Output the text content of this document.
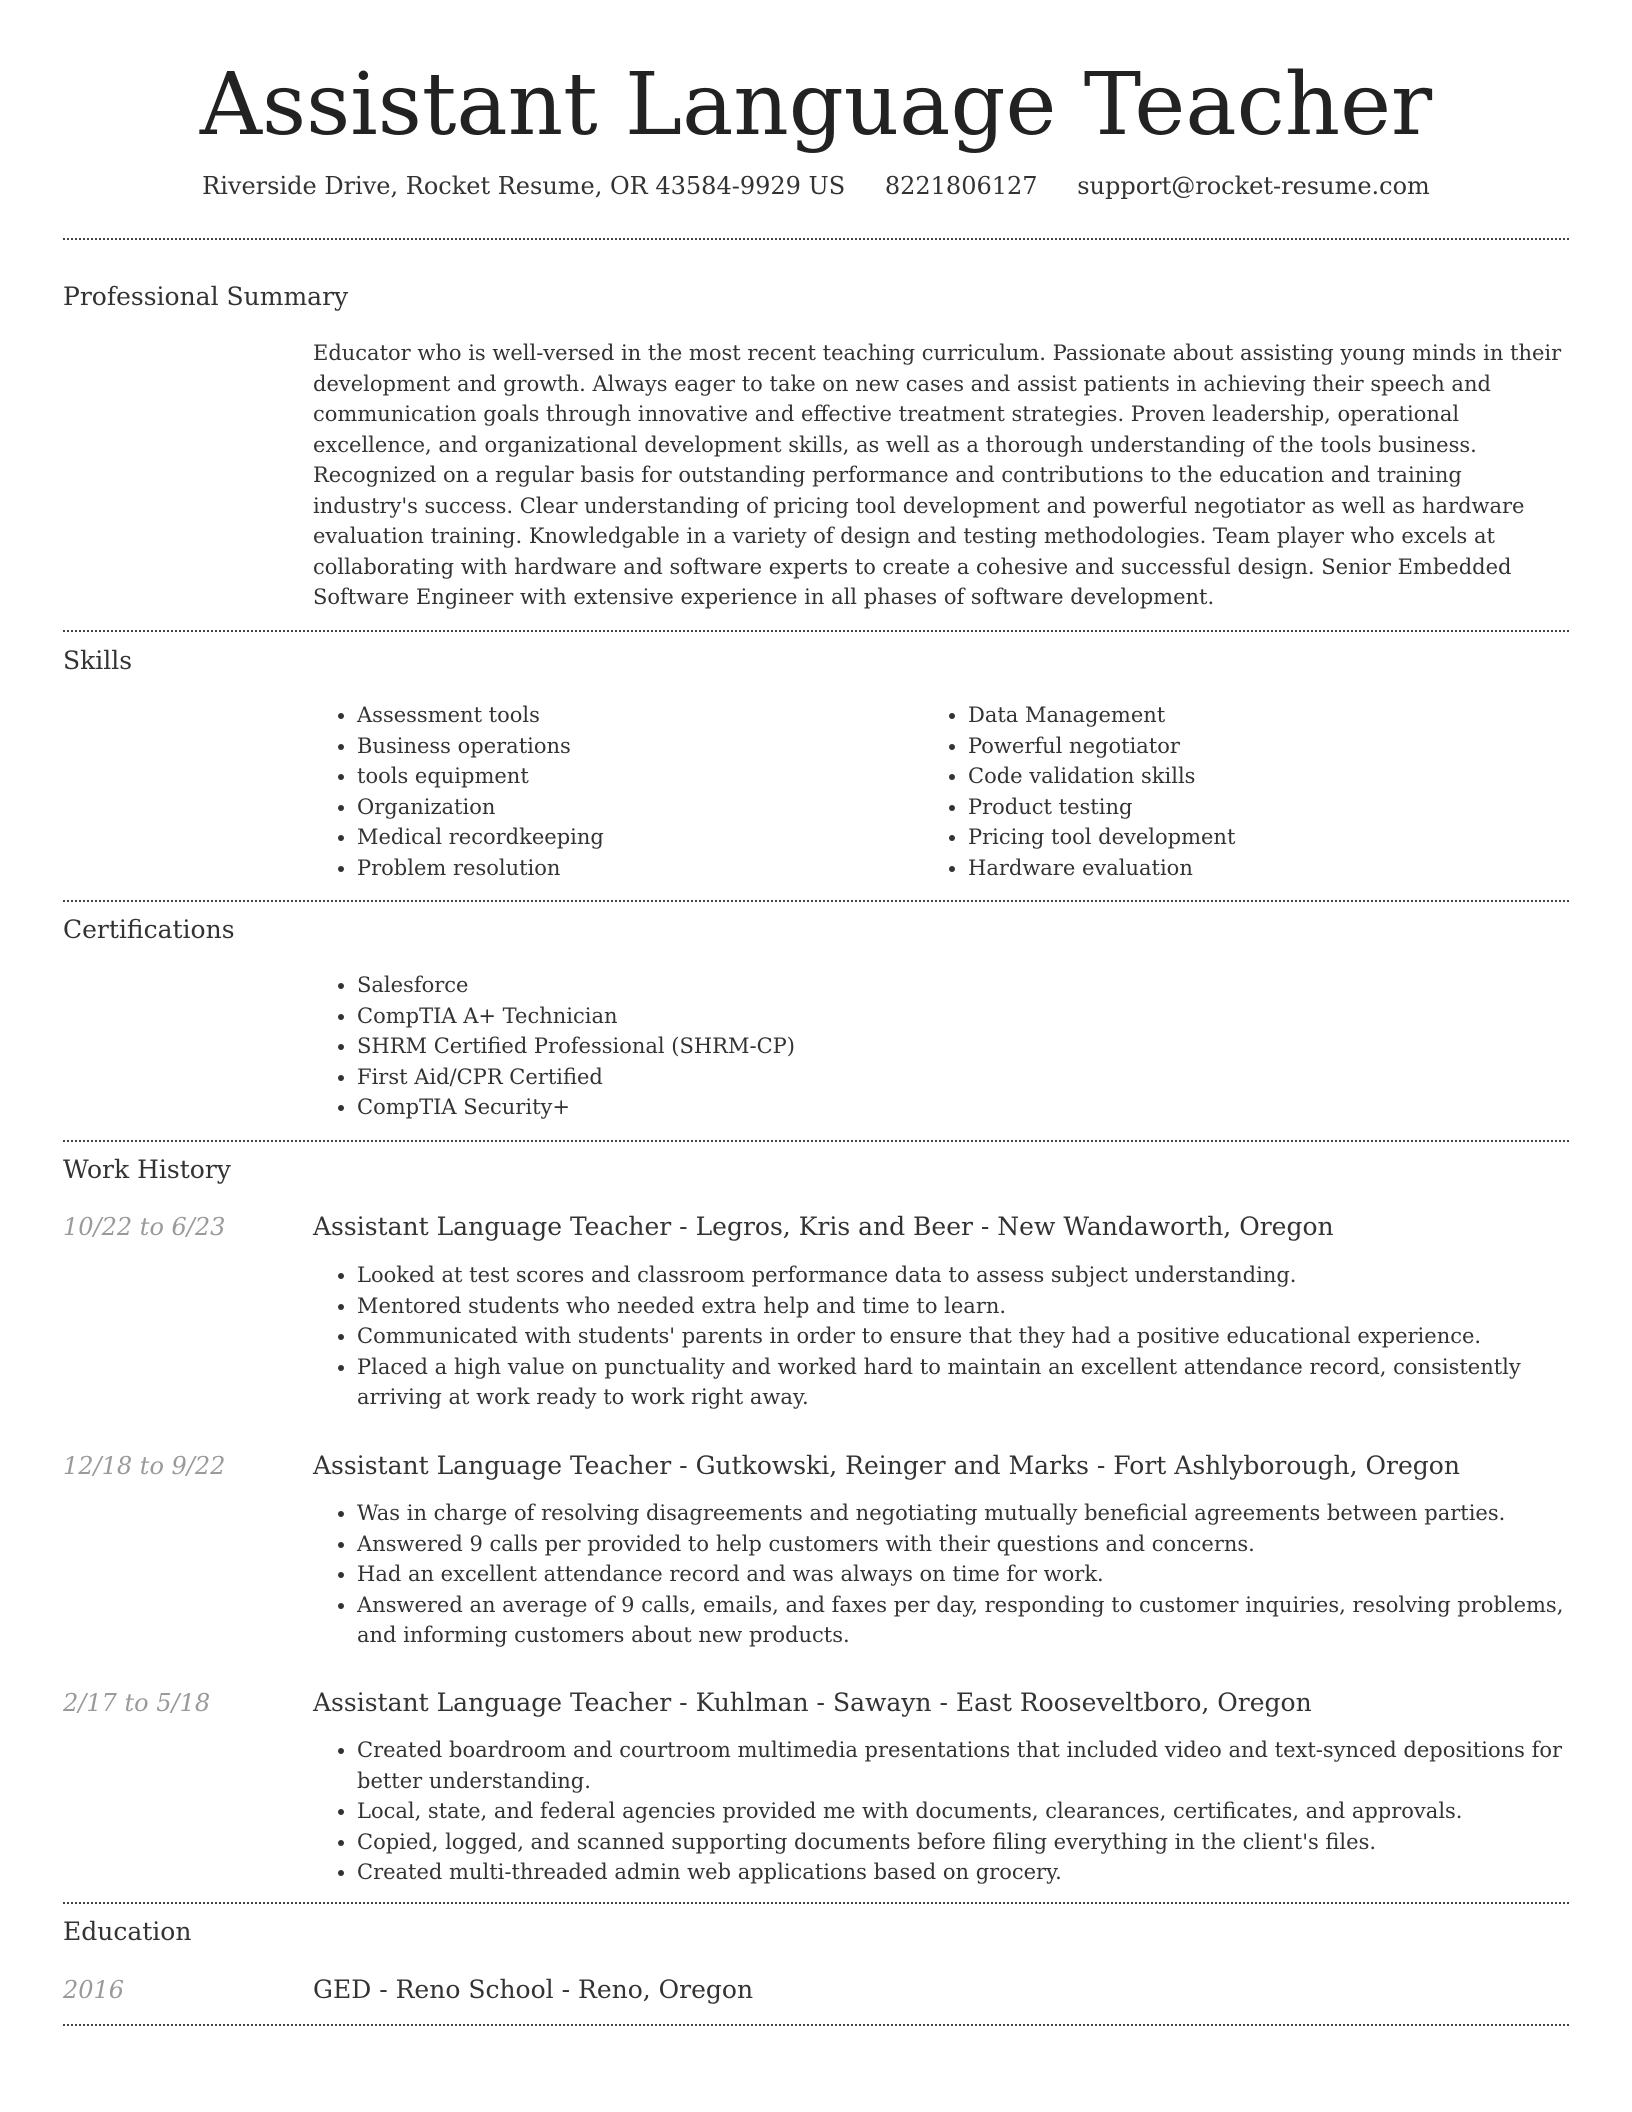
Assistant Language Teacher
Riverside Drive, Rocket Resume, OR 43584-9929 US 8221806127 support@rocket-resume.com
Professional Summary

Educator who is well-versed in the most recent teaching curriculum. Passionate about assisting young minds in their development and growth. Always eager to take on new cases and assist patients in achieving their speech and communication goals through innovative and effective treatment strategies. Proven leadership, operational excellence, and organizational development skills, as well as a thorough understanding of the tools business. Recognized on a regular basis for outstanding performance and contributions to the education and training industry's success. Clear understanding of pricing tool development and powerful negotiator as well as hardware evaluation training. Knowledgable in a variety of design and testing methodologies. Team player who excels at collaborating with hardware and software experts to create a cohesive and successful design. Senior Embedded Software Engineer with extensive experience in all phases of software development.

Skills
• Assessment tools
• Business operations
• tools equipment
• Organization
• Medical recordkeeping
• Problem resolution
• Data Management
• Powerful negotiator
• Code validation skills
• Product testing
• Pricing tool development
• Hardware evaluation
Certifications
• Salesforce
• CompTIA A+ Technician
• SHRM Certified Professional (SHRM-CP)
• First Aid/CPR Certified
• CompTIA Security+
Work History
10/22 to 6/23	Assistant Language Teacher - Legros, Kris and Beer - New Wandaworth, Oregon
• Looked at test scores and classroom performance data to assess subject understanding.
• Mentored students who needed extra help and time to learn.
• Communicated with students' parents in order to ensure that they had a positive educational experience.
• Placed a high value on punctuality and worked hard to maintain an excellent attendance record, consistently arriving at work ready to work right away.
12/18 to 9/22	Assistant Language Teacher - Gutkowski, Reinger and Marks - Fort Ashlyborough, Oregon
• Was in charge of resolving disagreements and negotiating mutually beneficial agreements between parties.
• Answered 9 calls per provided to help customers with their questions and concerns.
• Had an excellent attendance record and was always on time for work.
• Answered an average of 9 calls, emails, and faxes per day, responding to customer inquiries, resolving problems, and informing customers about new products.
2/17 to 5/18	Assistant Language Teacher - Kuhlman - Sawayn - East Rooseveltboro, Oregon
• Created boardroom and courtroom multimedia presentations that included video and text-synced depositions for better understanding.
• Local, state, and federal agencies provided me with documents, clearances, certificates, and approvals.
• Copied, logged, and scanned supporting documents before filing everything in the client's files.
• Created multi-threaded admin web applications based on grocery.
Education
2016	GED - Reno School - Reno, Oregon
